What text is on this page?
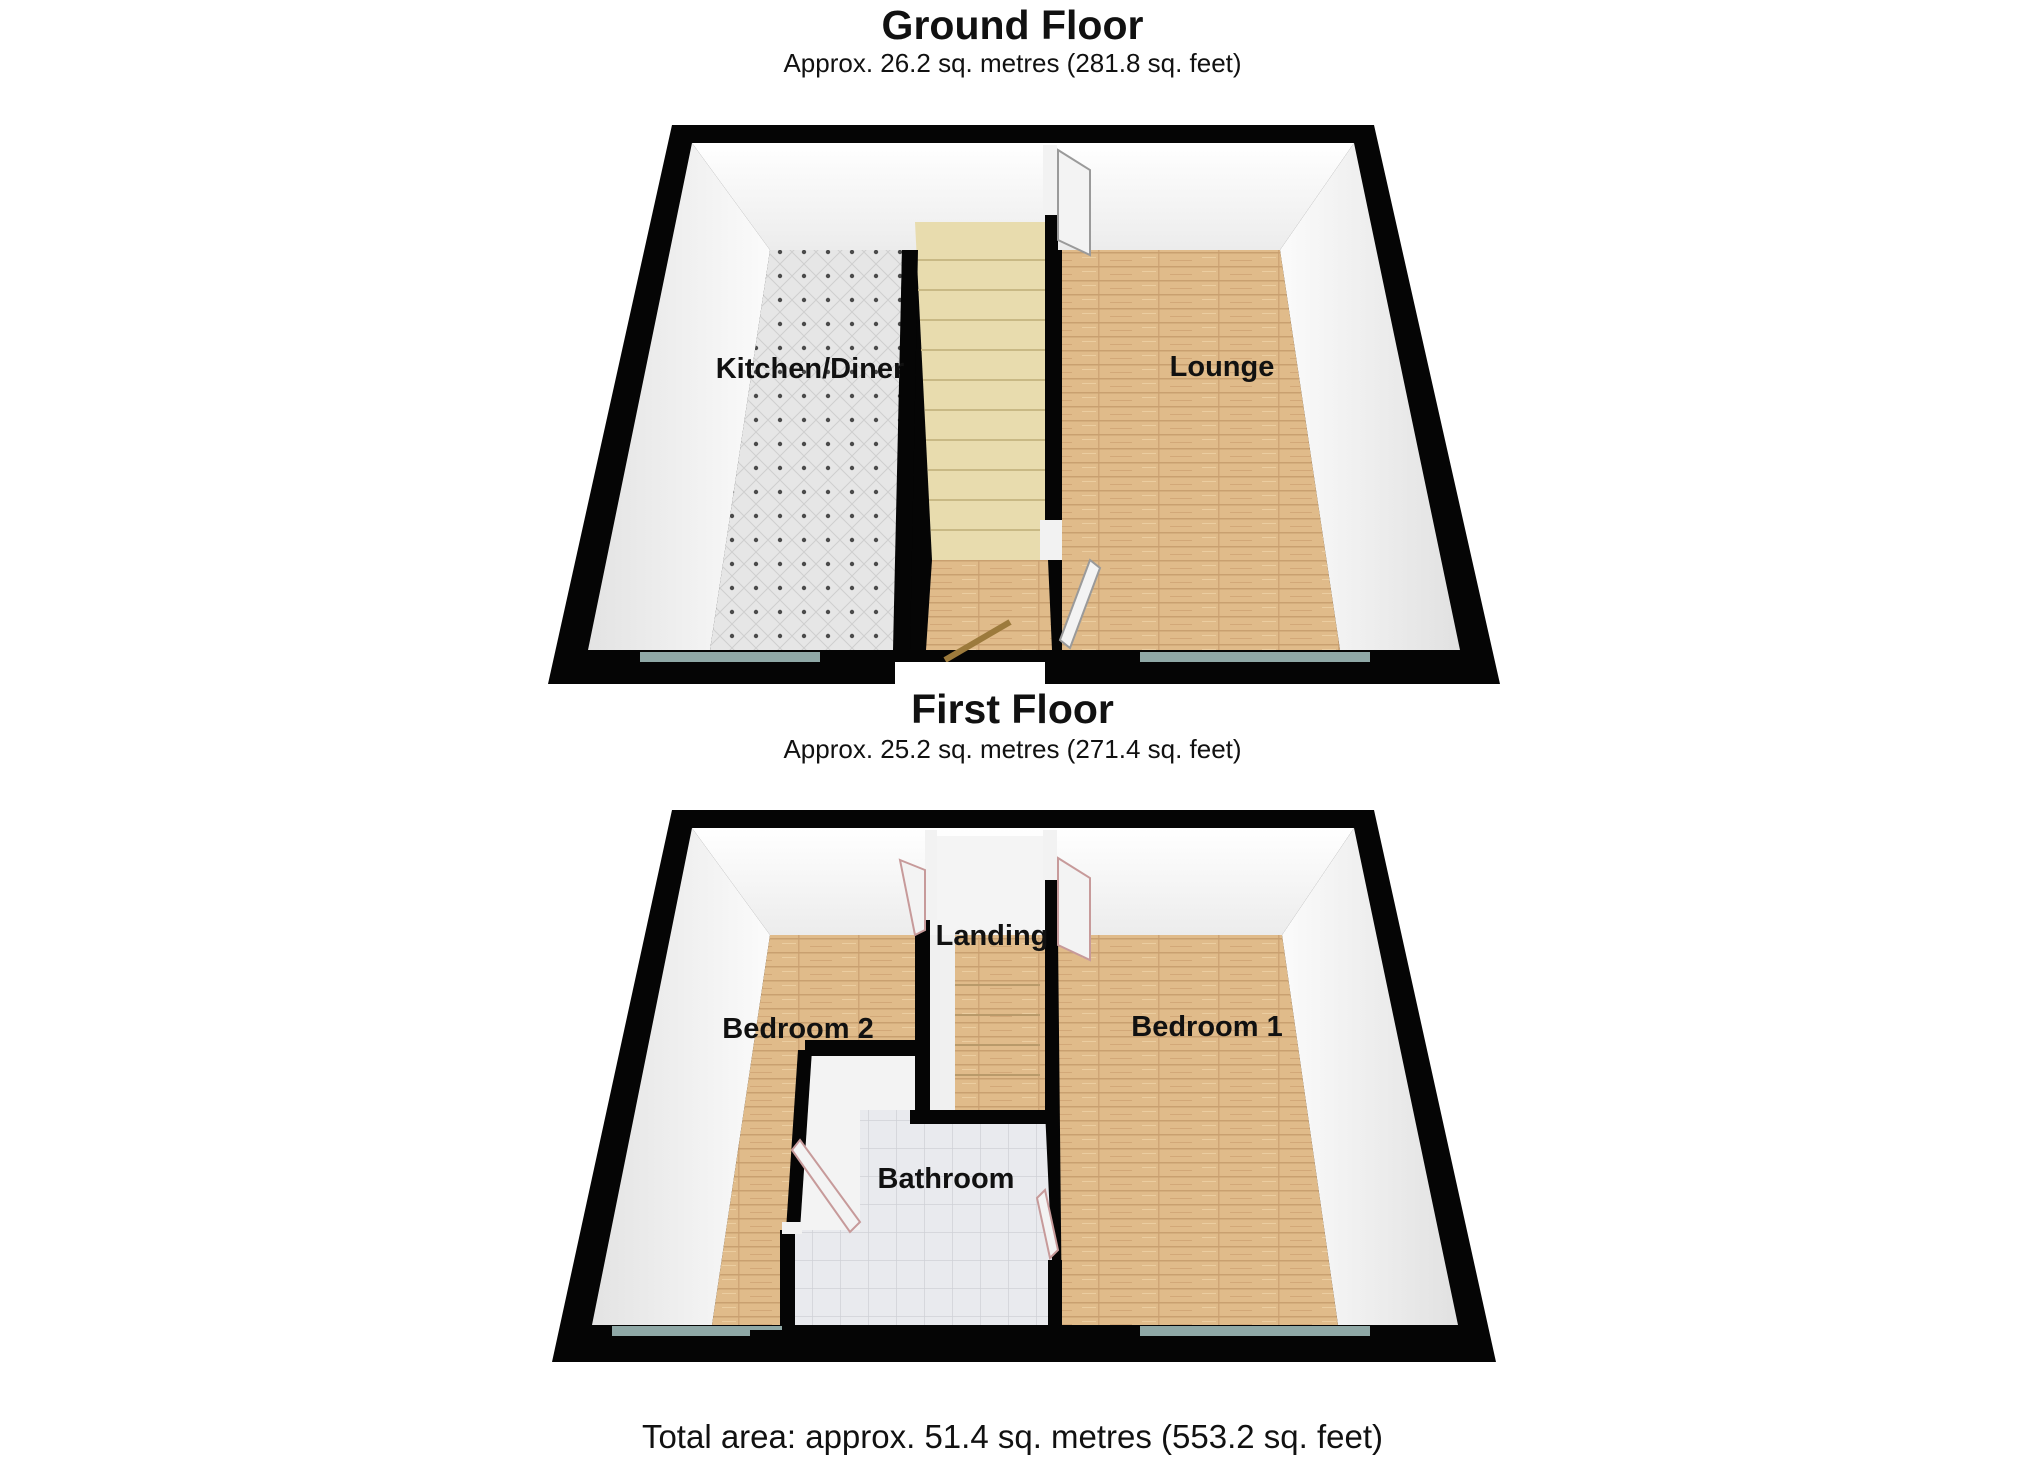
Ground Floor
Approx. 26.2 sq. metres (281.8 sq. feet)
Kitchen/Diner	Lounge
First Floor
Approx. 25.2 sq. metres (271.4 sq. feet)
Landing
Bedroom 2	Bedroom 1
Bathroom
Total area: approx. 51.4 sq. metres (553.2 sq. feet)
